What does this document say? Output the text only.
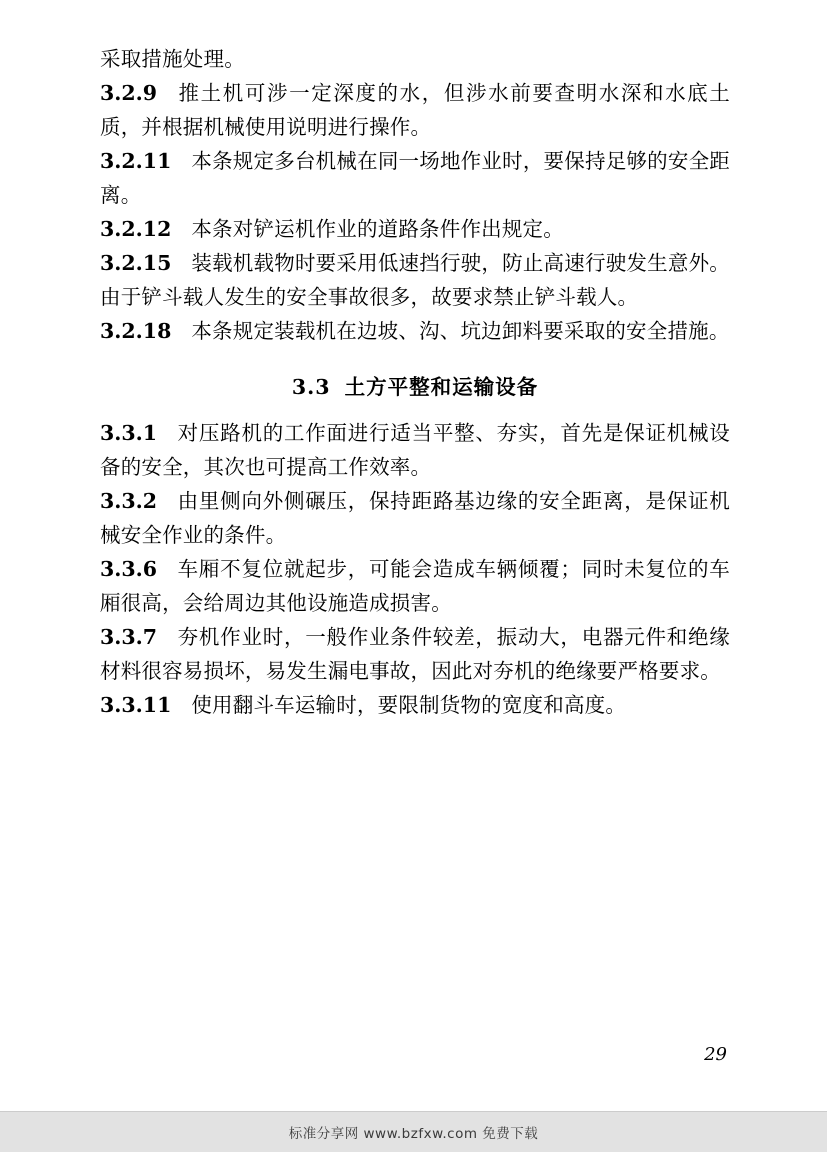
采取措施处理。

3.2.9 推土机可涉一定深度的水，但涉水前要查明水深和水底土质，并根据机械使用说明进行操作。

3.2.11 本条规定多台机械在同一场地作业时，要保持足够的安全距离。

3.2.12 本条对铲运机作业的道路条件作出规定。

3.2.15 装载机载物时要采用低速挡行驶，防止高速行驶发生意外。由于铲斗载人发生的安全事故很多，故要求禁止铲斗载人。

3.2.18 本条规定装载机在边坡、沟、坑边卸料要采取的安全措施。

3.3 土方平整和运输设备

3.3.1 对压路机的工作面进行适当平整、夯实，首先是保证机械设备的安全，其次也可提高工作效率。

3.3.2 由里侧向外侧碾压，保持距路基边缘的安全距离，是保证机械安全作业的条件。

3.3.6 车厢不复位就起步，可能会造成车辆倾覆；同时未复位的车厢很高，会给周边其他设施造成损害。

3.3.7 夯机作业时，一般作业条件较差，振动大，电器元件和绝缘材料很容易损坏，易发生漏电事故，因此对夯机的绝缘要严格要求。

3.3.11 使用翻斗车运输时，要限制货物的宽度和高度。

29
标准分享网 www.bzfxw.com 免费下载
